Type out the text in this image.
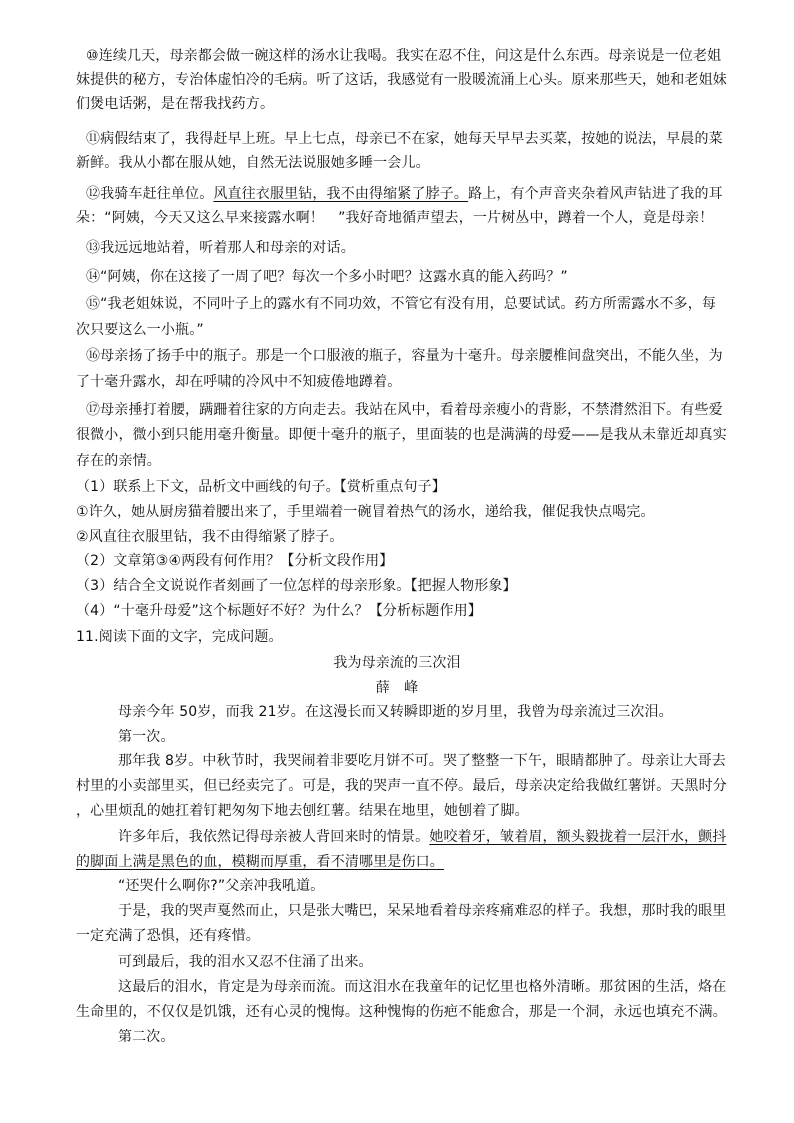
⑩连续几天，母亲都会做一碗这样的汤水让我喝。我实在忍不住，问这是什么东西。母亲说是一位老姐
妹提供的秘方，专治体虚怕冷的毛病。听了这话，我感觉有一股暖流涌上心头。原来那些天，她和老姐妹
们煲电话粥，是在帮我找药方。
⑪病假结束了，我得赶早上班。早上七点，母亲已不在家，她每天早早去买菜，按她的说法，早晨的菜
新鲜。我从小都在服从她，自然无法说服她多睡一会儿。
⑫我骑车赶往单位。风直往衣服里钻，我不由得缩紧了脖子。路上，有个声音夹杂着风声钻进了我的耳
朵：“阿姨，今天又这么早来接露水啊！　”我好奇地循声望去，一片树丛中，蹲着一个人，竟是母亲！
⑬我远远地站着，听着那人和母亲的对话。
⑭“阿姨，你在这接了一周了吧？每次一个多小时吧？这露水真的能入药吗？”
⑮“我老姐妹说，不同叶子上的露水有不同功效，不管它有没有用，总要试试。药方所需露水不多，每
次只要这么一小瓶。”
⑯母亲扬了扬手中的瓶子。那是一个口服液的瓶子，容量为十毫升。母亲腰椎间盘突出，不能久坐，为
了十毫升露水，却在呼啸的冷风中不知疲倦地蹲着。
⑰母亲捶打着腰，蹒跚着往家的方向走去。我站在风中，看着母亲瘦小的背影，不禁潸然泪下。有些爱
很微小，微小到只能用毫升衡量。即便十毫升的瓶子，里面装的也是满满的母爱——是我从未靠近却真实
存在的亲情。
（1）联系上下文，品析文中画线的句子。【赏析重点句子】
①许久，她从厨房猫着腰出来了，手里端着一碗冒着热气的汤水，递给我，催促我快点喝完。
②风直往衣服里钻，我不由得缩紧了脖子。
（2）文章第③④两段有何作用？【分析文段作用】
（3）结合全文说说作者刻画了一位怎样的母亲形象。【把握人物形象】
（4）“十毫升母爱”这个标题好不好？为什么？【分析标题作用】
11.阅读下面的文字，完成问题。
我为母亲流的三次泪
薛　峰
母亲今年 50岁，而我 21岁。在这漫长而又转瞬即逝的岁月里，我曾为母亲流过三次泪。
第一次。
那年我 8岁。中秋节时，我哭闹着非要吃月饼不可。哭了整整一下午，眼睛都肿了。母亲让大哥去
村里的小卖部里买，但已经卖完了。可是，我的哭声一直不停。最后，母亲决定给我做红薯饼。天黑时分
，心里烦乱的她扛着钉耙匆匆下地去刨红薯。结果在地里，她刨着了脚。
许多年后，我依然记得母亲被人背回来时的情景。她咬着牙，皱着眉，额头毅拢着一层汗水，颤抖
的脚面上满是黑色的血，模糊而厚重，看不清哪里是伤口。
“还哭什么啊你?”父亲冲我吼道。
于是，我的哭声戛然而止，只是张大嘴巴，呆呆地看着母亲疼痛难忍的样子。我想，那时我的眼里
一定充满了恐惧，还有疼惜。
可到最后，我的泪水又忍不住涌了出来。
这最后的泪水，肯定是为母亲而流。而这泪水在我童年的记忆里也格外清晰。那贫困的生活，烙在
生命里的，不仅仅是饥饿，还有心灵的愧悔。这种愧悔的伤疤不能愈合，那是一个洞，永远也填充不满。
第二次。
